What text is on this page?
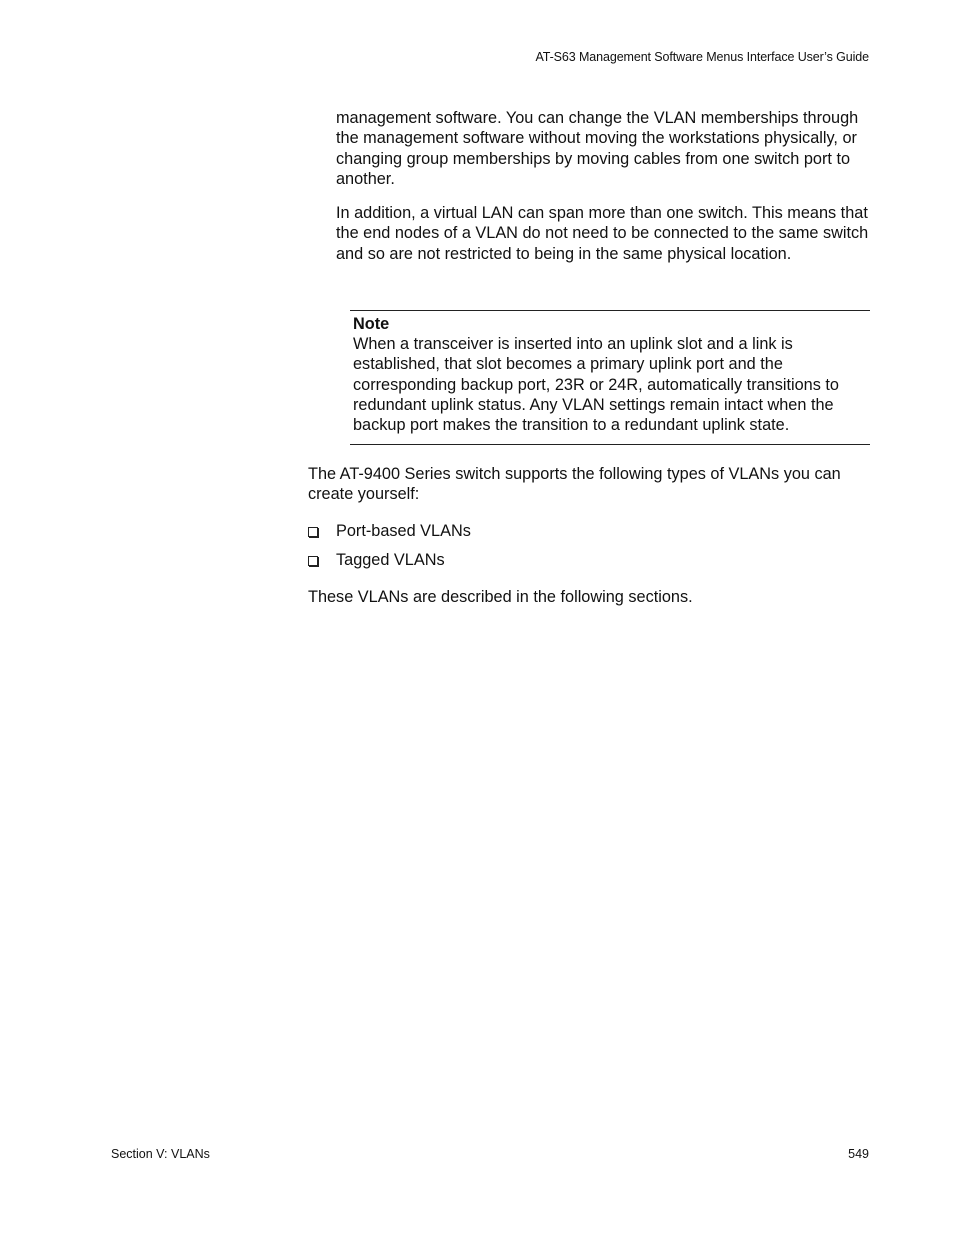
AT-S63 Management Software Menus Interface User’s Guide

management software. You can change the VLAN memberships through the management software without moving the workstations physically, or changing group memberships by moving cables from one switch port to another.

In addition, a virtual LAN can span more than one switch. This means that the end nodes of a VLAN do not need to be connected to the same switch and so are not restricted to being in the same physical location.

Note

When a transceiver is inserted into an uplink slot and a link is established, that slot becomes a primary uplink port and the corresponding backup port, 23R or 24R, automatically transitions to redundant uplink status. Any VLAN settings remain intact when the backup port makes the transition to a redundant uplink state.

The AT-9400 Series switch supports the following types of VLANs you can create yourself:

Port-based VLANs
Tagged VLANs

These VLANs are described in the following sections.

Section V: VLANs	549
